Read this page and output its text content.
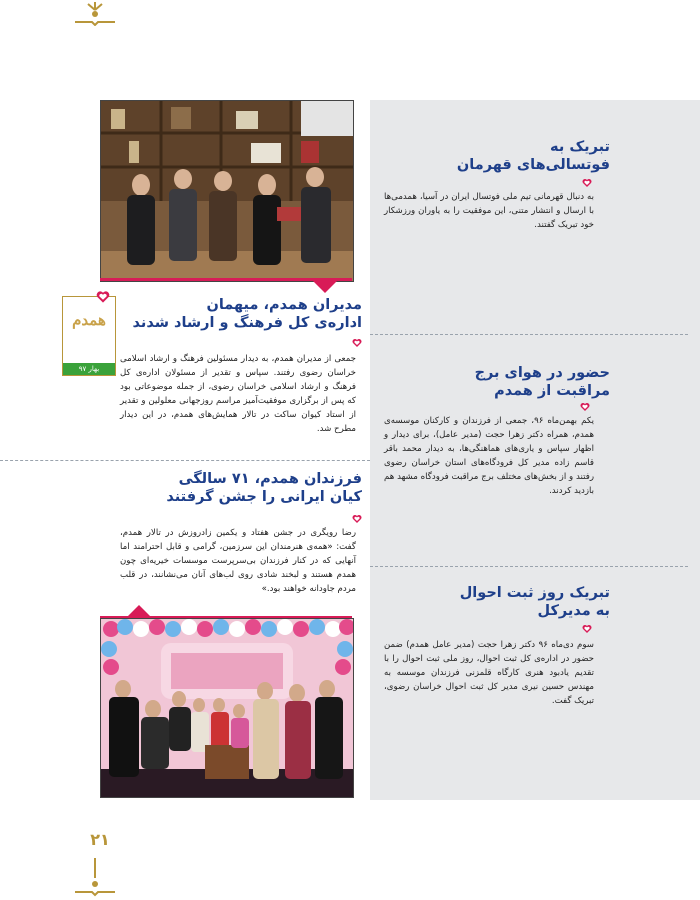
تبریک به
فوتسالی‌های قهرمان
به دنبال قهرمانی تیم ملی فوتسال ایران در آسیا، همدمی‌ها با ارسال و انتشار متنی، این موفقیت را به یاوران ورزشکار خود تبریک گفتند.
حضور در هوای برج
مراقبت از همدم
یکم بهمن‌ماه ۹۶، جمعی از فرزندان و کارکنان موسسه‌ی همدم، همراه دکتر زهرا حجت (مدیر عامل)، برای دیدار و اظهار سپاس و یاری‌های هماهنگی‌ها، به دیدار محمد باقر قاسم زاده مدیر کل فرودگاه‌های استان خراسان رضوی رفتند و از بخش‌های مختلف برج مراقبت فرودگاه مشهد هم بازدید کردند.
تبریک روز ثبت احوال
به مدیرکل
سوم دی‌ماه ۹۶ دکتر زهرا حجت (مدیر عامل همدم) ضمن حضور در اداره‌ی کل ثبت احوال، روز ملی ثبت احوال را با تقدیم یادبود هنری کارگاه قلمزنی فرزندان موسسه به مهندس حسین نیری مدیر کل ثبت احوال خراسان رضوی، تبریک گفت.
همدم
بهار ۹۷
مدیران همدم، میهمان
اداره‌ی کل فرهنگ و ارشاد شدند
جمعی از مدیران همدم، به دیدار مسئولین فرهنگ و ارشاد اسلامی خراسان رضوی رفتند. سپاس و تقدیر از مسئولان اداره‌ی کل فرهنگ و ارشاد اسلامی خراسان رضوی، از جمله موضوعاتی بود که پس از برگزاری موفقیت‌آمیز مراسم روزجهانی معلولین و تقدیر از استاد کیوان ساکت در تالار همایش‌های همدم، در این دیدار مطرح شد.
فرزندان همدم، ۷۱ سالگی
کیان ایرانی را جشن گرفتند
رضا رویگری در جشن هفتاد و یکمین زادروزش در تالار همدم، گفت: «همه‌ی هنرمندان این سرزمین، گرامی و قابل احترامند اما آنهایی که در کنار فرزندان بی‌سرپرست موسسات خیریه‌ای چون همدم هستند و لبخند شادی روی لب‌های آنان می‌نشانند، در قلب مردم جاودانه خواهند بود.»
۲۱
